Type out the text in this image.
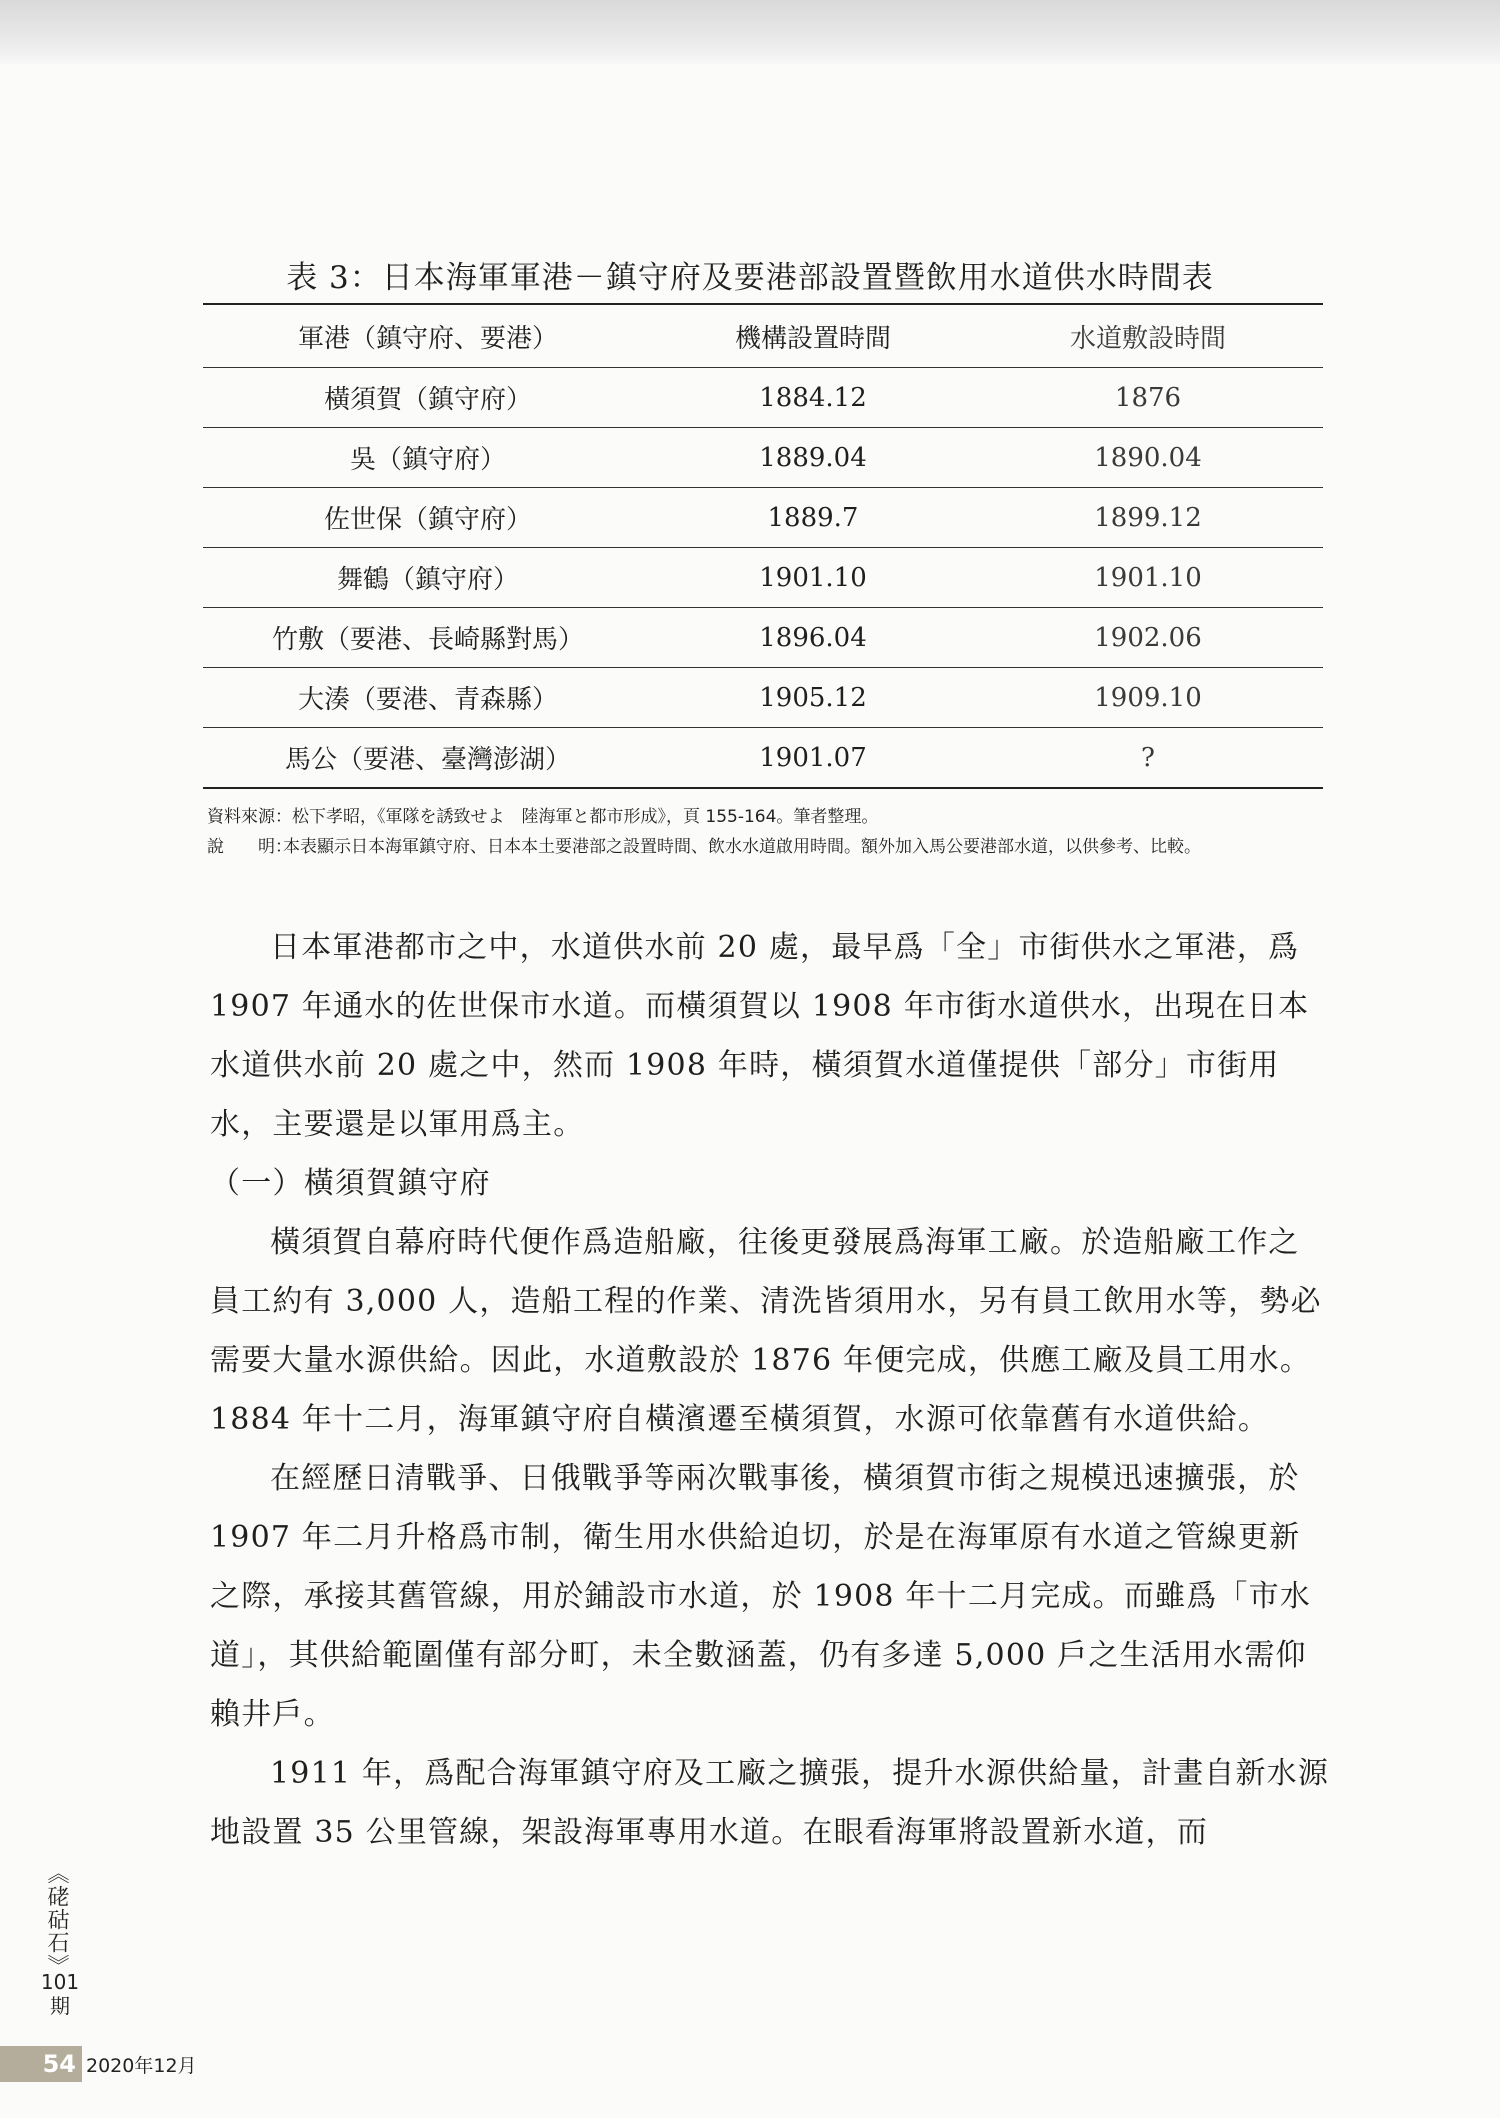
表 3：日本海軍軍港－鎮守府及要港部設置暨飲用水道供水時間表
軍港（鎮守府、要港）	機構設置時間	水道敷設時間
橫須賀（鎮守府）	1884.12	1876
吳（鎮守府）	1889.04	1890.04
佐世保（鎮守府）	1889.7	1899.12
舞鶴（鎮守府）	1901.10	1901.10
竹敷（要港、長崎縣對馬）	1896.04	1902.06
大湊（要港、青森縣）	1905.12	1909.10
馬公（要港、臺灣澎湖）	1901.07	?
資料來源：松下孝昭，《軍隊を誘致せよ　陸海軍と都市形成》，頁 155-164。筆者整理。
說　　明：
本表顯示日本海軍鎮守府、日本本土要港部之設置時間、飲水水道啟用時間。額外加入馬公要港部水道，以供參考、比較。

日本軍港都市之中，水道供水前 20 處，最早爲「全」市街供水之軍港，爲 1907 年通水的佐世保市水道。而橫須賀以 1908 年市街水道供水，出現在日本水道供水前 20 處之中，然而 1908 年時，橫須賀水道僅提供「部分」市街用水，主要還是以軍用爲主。

（一）橫須賀鎮守府

橫須賀自幕府時代便作爲造船廠，往後更發展爲海軍工廠。於造船廠工作之員工約有 3,000 人，造船工程的作業、清洗皆須用水，另有員工飲用水等，勢必需要大量水源供給。因此，水道敷設於 1876 年便完成，供應工廠及員工用水。1884 年十二月，海軍鎮守府自橫濱遷至橫須賀，水源可依靠舊有水道供給。

在經歷日清戰爭、日俄戰爭等兩次戰事後，橫須賀市街之規模迅速擴張，於 1907 年二月升格爲市制，衛生用水供給迫切，於是在海軍原有水道之管線更新之際，承接其舊管線，用於鋪設市水道，於 1908 年十二月完成。而雖爲「市水道」，其供給範圍僅有部分町，未全數涵蓋，仍有多達 5,000 戶之生活用水需仰賴井戶。

1911 年，爲配合海軍鎮守府及工廠之擴張，提升水源供給量，計畫自新水源地設置 35 公里管線，架設海軍專用水道。在眼看海軍將設置新水道，而

《硓𥑮石》
101
期
54 2020年12月
